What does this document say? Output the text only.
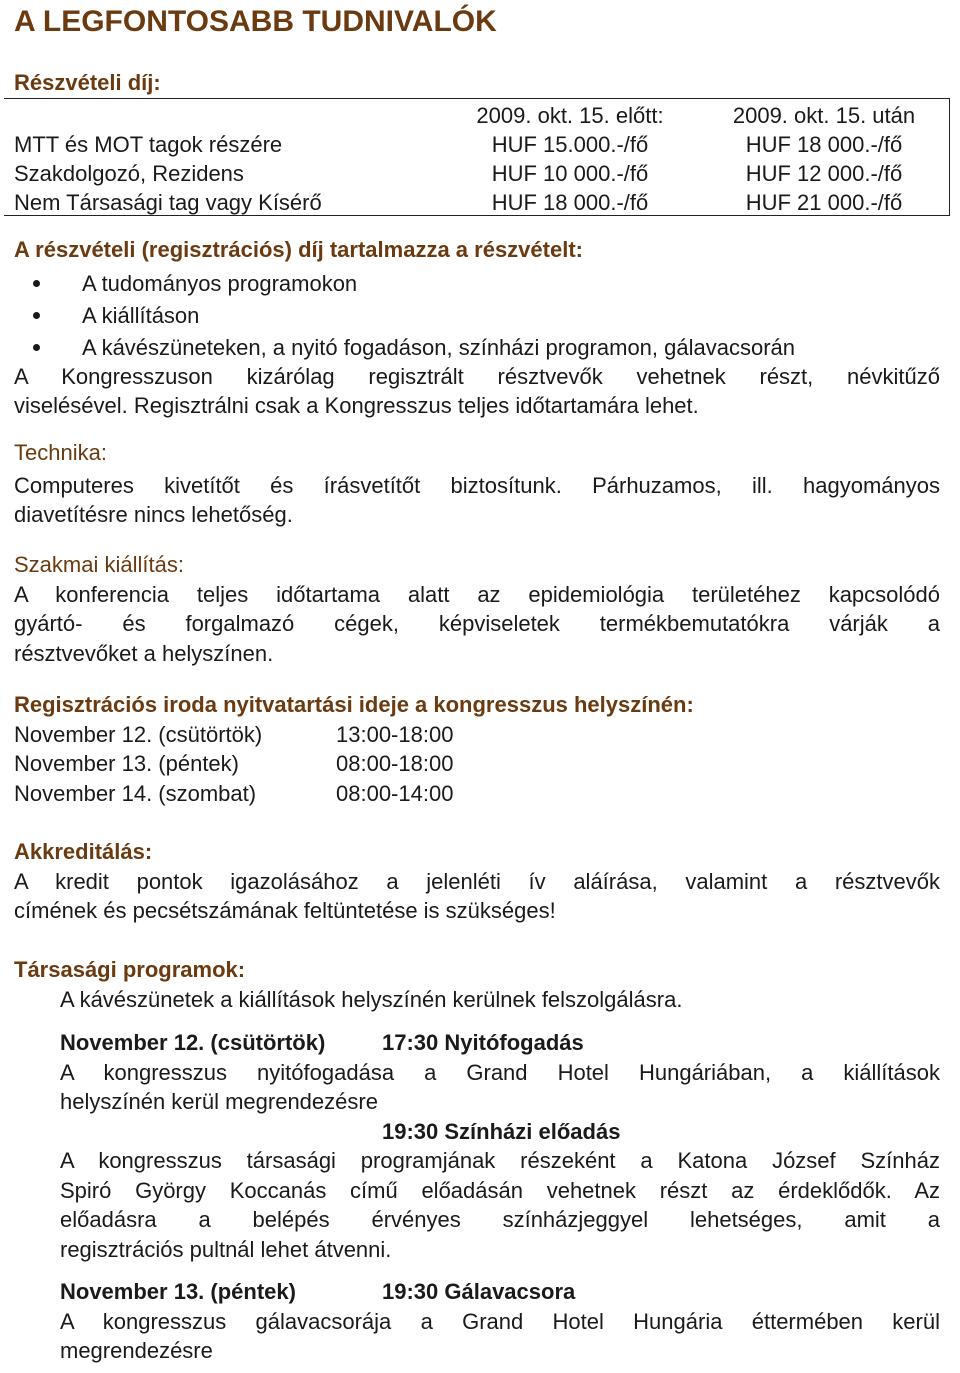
A LEGFONTOSABB TUDNIVALÓK
Részvételi díj:
2009. okt. 15. előtt:	2009. okt. 15. után
MTT és MOT tagok részére	HUF 15.000.-/fő	HUF 18 000.-/fő
Szakdolgozó, Rezidens	HUF 10 000.-/fő	HUF 12 000.-/fő
Nem Társasági tag vagy Kísérő	HUF 18 000.-/fő	HUF 21 000.-/fő
A részvételi (regisztrációs) díj tartalmazza a részvételt:
A tudományos programokon
A kiállításon
A kávészüneteken, a nyitó fogadáson, színházi programon, gálavacsorán
A Kongresszuson kizárólag regisztrált résztvevők vehetnek részt, névkitűző
viselésével. Regisztrálni csak a Kongresszus teljes időtartamára lehet.
Technika:
Computeres kivetítőt és írásvetítőt biztosítunk. Párhuzamos, ill. hagyományos
diavetítésre nincs lehetőség.
Szakmai kiállítás:
A konferencia teljes időtartama alatt az epidemiológia területéhez kapcsolódó
gyártó- és forgalmazó cégek, képviseletek termékbemutatókra várják a
résztvevőket a helyszínen.
Regisztrációs iroda nyitvatartási ideje a kongresszus helyszínén:
November 12. (csütörtök)	13:00-18:00
November 13. (péntek)	08:00-18:00
November 14. (szombat)	08:00-14:00
Akkreditálás:
A kredit pontok igazolásához a jelenléti ív aláírása, valamint a résztvevők
címének és pecsétszámának feltüntetése is szükséges!
Társasági programok:
A kávészünetek a kiállítások helyszínén kerülnek felszolgálásra.
November 12. (csütörtök)	17:30 Nyitófogadás
A kongresszus nyitófogadása a Grand Hotel Hungáriában, a kiállítások
helyszínén kerül megrendezésre
19:30 Színházi előadás
A kongresszus társasági programjának részeként a Katona József Színház
Spiró György Koccanás című előadásán vehetnek részt az érdeklődők. Az
előadásra a belépés érvényes színházjeggyel lehetséges, amit a
regisztrációs pultnál lehet átvenni.
November 13. (péntek)	19:30 Gálavacsora
A kongresszus gálavacsorája a Grand Hotel Hungária éttermében kerül
megrendezésre
